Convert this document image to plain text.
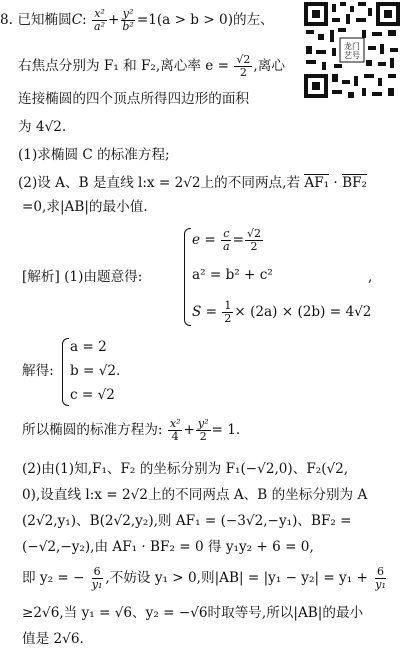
龙门
艺号
8. 已知椭圆C: $\frac{\text{x²}}{\text{a²}} + \frac{\text{y²}}{\text{b²}} =1(a > b > 0)$的左、
右焦点分别为 F₁ 和 F₂,离心率 $e = \frac{√2}{2}$ ,离心
连接椭圆的四个顶点所得四边形的面积
为 4√2.
(1)求椭圆 C 的标准方程;
(2)设 A、B 是直线 l:x = 2√2上的不同两点,若 AF₁ · BF₂
=0,求|AB|的最小值.
[解析] (1)由题意得:
$e = \frac{c}{a} = \frac{√2}{2}$
a² = b² + c²
$S = \frac{1}{2} \times (2a) \times (2b) = 4√2$
,
解得:
a = 2
b = √2.
c = √2
所以椭圆的标准方程为: $\frac{\text{x²}}{4} + \frac{\text{y²}}{2} = 1$.
(2)由(1)知,F₁、F₂ 的坐标分别为 F₁(−√2,0)、F₂(√2,
0),设直线 l:x = 2√2上的不同两点 A、B 的坐标分别为 A
(2√2,y₁)、B(2√2,y₂),则 AF₁ = (−3√2,−y₁)、BF₂ =
(−√2,−y₂),由 AF₁ · BF₂ = 0 得 y₁y₂ + 6 = 0,
即 y₂ = − $\frac{6}{\text{y₁}}$ ,不妨设 y₁ > 0,则$|AB| = |y_1 - y_2| = y_1 + \frac{6}{\text{y₁}}$
≥2√6,当 y₁ = √6、y₂ = −√6时取等号,所以|AB|的最小
值是 2√6.
